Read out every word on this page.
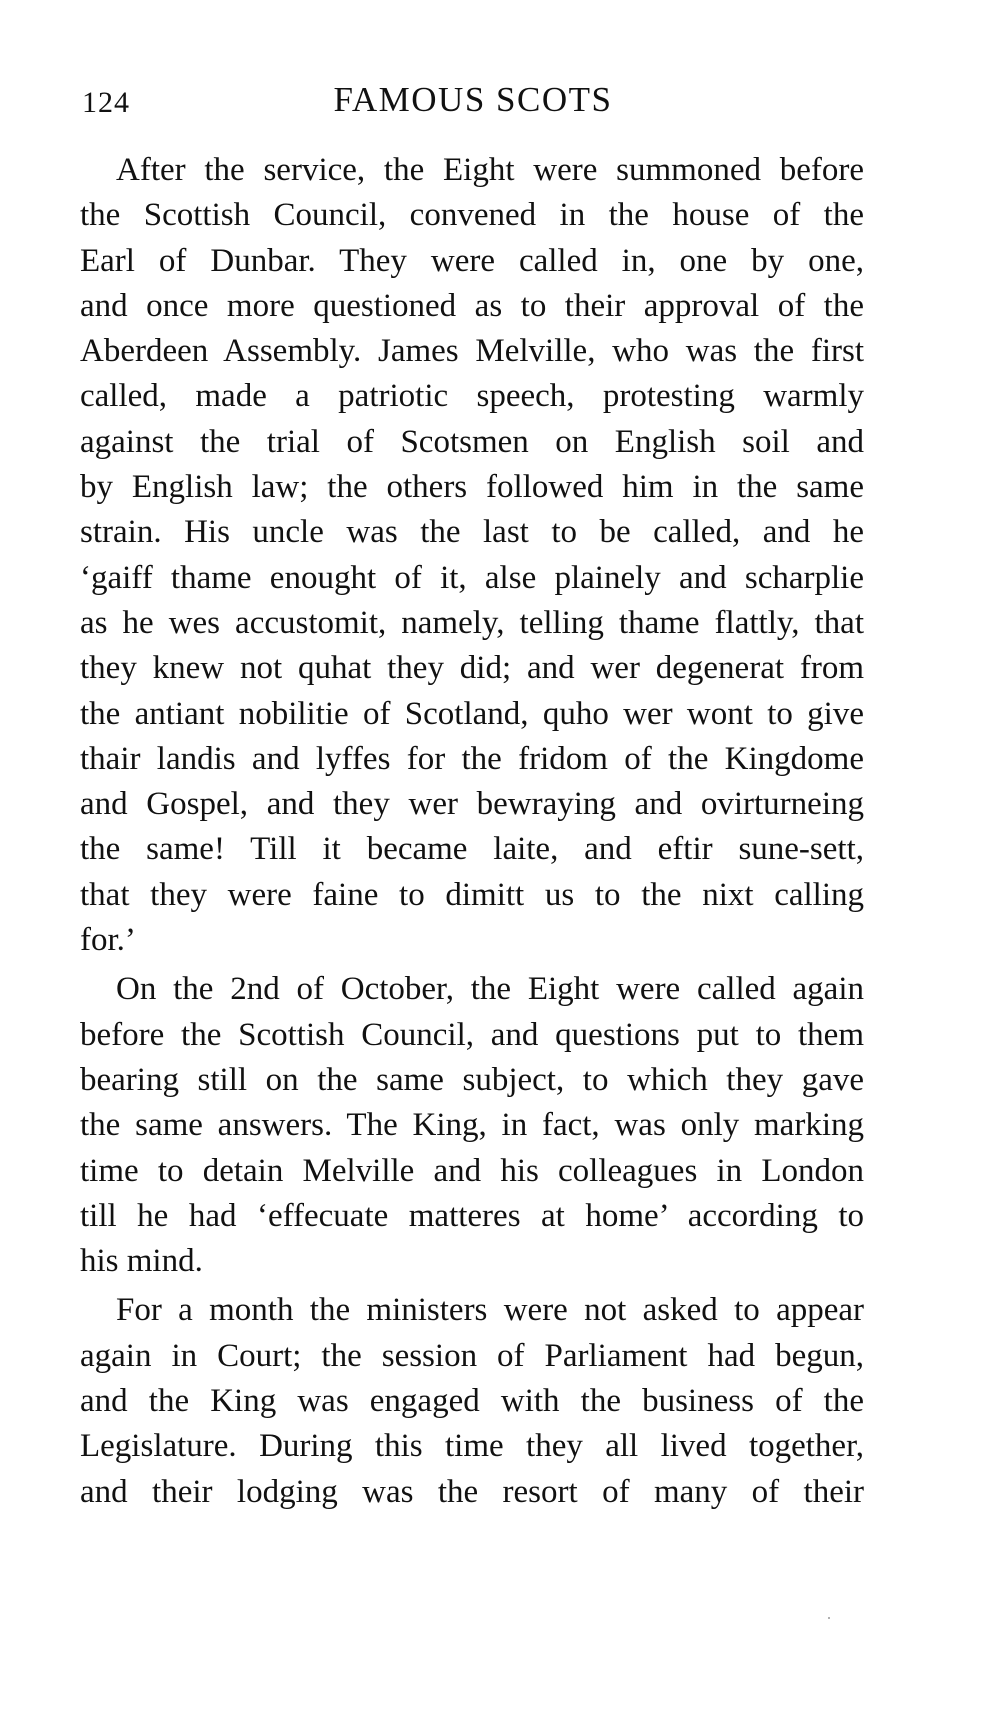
124	FAMOUS SCOTS
After the service, the Eight were summoned before
the Scottish Council, convened in the house of the
Earl of Dunbar. They were called in, one by one,
and once more questioned as to their approval of the
Aberdeen Assembly. James Melville, who was the first
called, made a patriotic speech, protesting warmly
against the trial of Scotsmen on English soil and
by English law; the others followed him in the same
strain. His uncle was the last to be called, and he
‘gaiff thame enought of it, alse plainely and scharplie
as he wes accustomit, namely, telling thame flattly, that
they knew not quhat they did; and wer degenerat from
the antiant nobilitie of Scotland, quho wer wont to give
thair landis and lyffes for the fridom of the Kingdome
and Gospel, and they wer bewraying and ovirturneing
the same! Till it became laite, and eftir sune-sett,
that they were faine to dimitt us to the nixt calling
for.’
On the 2nd of October, the Eight were called again
before the Scottish Council, and questions put to them
bearing still on the same subject, to which they gave
the same answers. The King, in fact, was only marking
time to detain Melville and his colleagues in London
till he had ‘effecuate matteres at home’ according to
his mind.
For a month the ministers were not asked to appear
again in Court; the session of Parliament had begun,
and the King was engaged with the business of the
Legislature. During this time they all lived together,
and their lodging was the resort of many of their
